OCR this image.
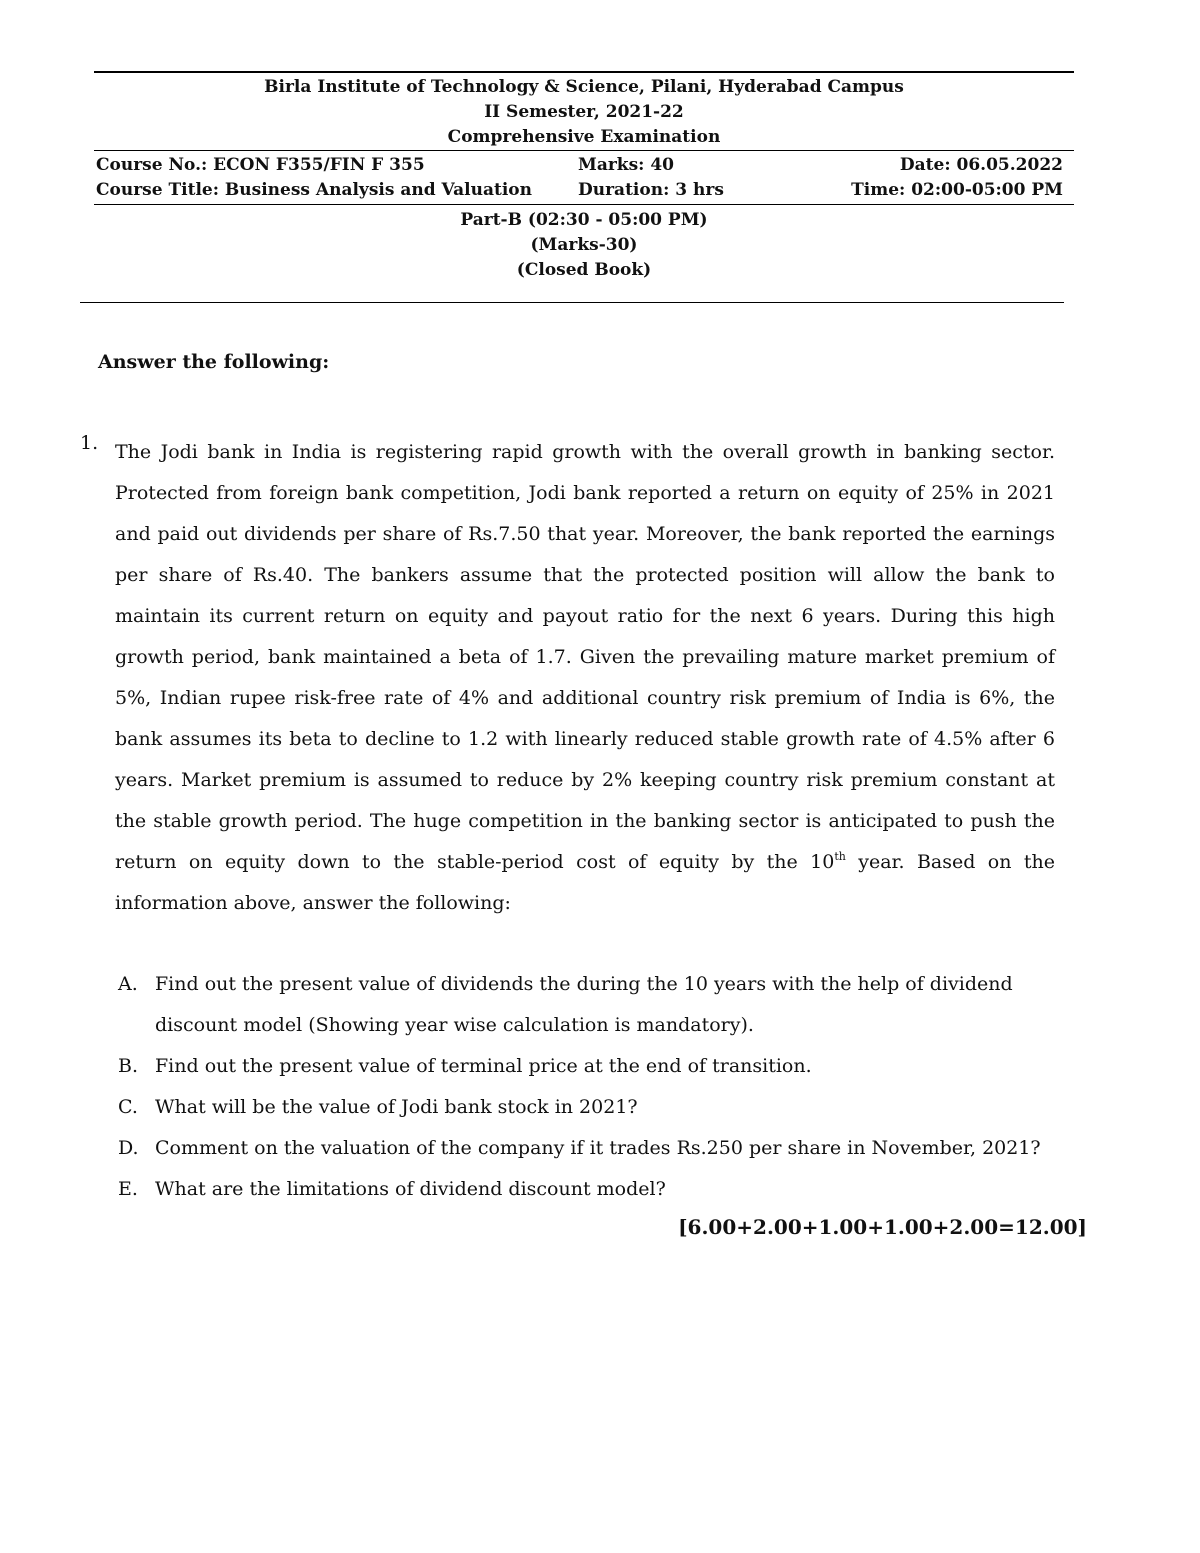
Birla Institute of Technology & Science, Pilani, Hyderabad Campus
II Semester, 2021-22
Comprehensive Examination
Course No.: ECON F355/FIN F 355	Marks: 40	Date: 06.05.2022
Course Title: Business Analysis and Valuation	Duration: 3 hrs	Time: 02:00-05:00 PM
Part-B (02:30 - 05:00 PM)
(Marks-30)
(Closed Book)
Answer the following:
1. The Jodi bank in India is registering rapid growth with the overall growth in banking sector. Protected from foreign bank competition, Jodi bank reported a return on equity of 25% in 2021 and paid out dividends per share of Rs.7.50 that year. Moreover, the bank reported the earnings per share of Rs.40. The bankers assume that the protected position will allow the bank to maintain its current return on equity and payout ratio for the next 6 years. During this high growth period, bank maintained a beta of 1.7. Given the prevailing mature market premium of 5%, Indian rupee risk-free rate of 4% and additional country risk premium of India is 6%, the bank assumes its beta to decline to 1.2 with linearly reduced stable growth rate of 4.5% after 6 years. Market premium is assumed to reduce by 2% keeping country risk premium constant at the stable growth period. The huge competition in the banking sector is anticipated to push the return on equity down to the stable-period cost of equity by the 10th year. Based on the information above, answer the following:
A. Find out the present value of dividends the during the 10 years with the help of dividend discount model (Showing year wise calculation is mandatory).
B. Find out the present value of terminal price at the end of transition.
C. What will be the value of Jodi bank stock in 2021?
D. Comment on the valuation of the company if it trades Rs.250 per share in November, 2021?
E. What are the limitations of dividend discount model?
[6.00+2.00+1.00+1.00+2.00=12.00]
